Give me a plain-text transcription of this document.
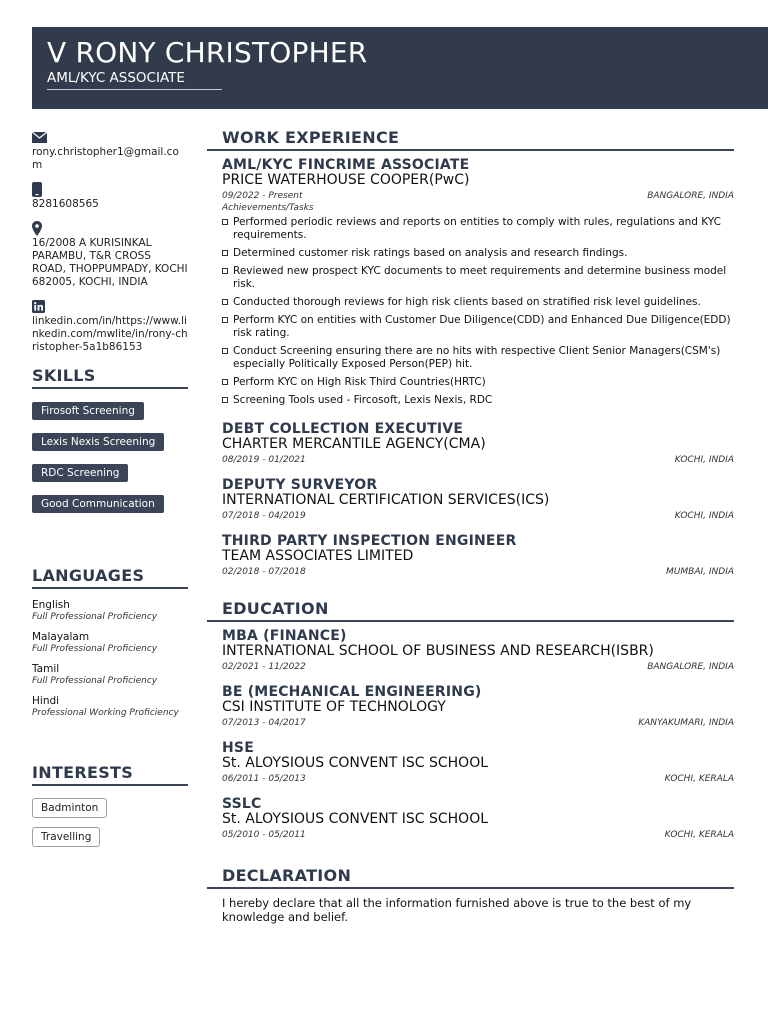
V RONY CHRISTOPHER
AML/KYC ASSOCIATE
rony.christopher1@gmail.com
8281608565
16/2008 A KURISINKAL PARAMBU, T&R CROSS ROAD, THOPPUMPADY, KOCHI 682005, KOCHI, INDIA
linkedin.com/in/https://www.linkedin.com/mwlite/in/rony-christopher-5a1b86153
SKILLS
Firosoft Screening
Lexis Nexis Screening
RDC Screening
Good Communication
LANGUAGES
English
Full Professional Proficiency
Malayalam
Full Professional Proficiency
Tamil
Full Professional Proficiency
Hindi
Professional Working Proficiency
INTERESTS
Badminton
Travelling
WORK EXPERIENCE
AML/KYC FINCRIME ASSOCIATE
PRICE WATERHOUSE COOPER(PwC)
09/2022 - Present	BANGALORE, INDIA
Achievements/Tasks
Performed periodic reviews and reports on entities to comply with rules, regulations and KYC requirements.
Determined customer risk ratings based on analysis and research findings.
Reviewed new prospect KYC documents to meet requirements and determine business model risk.
Conducted thorough reviews for high risk clients based on stratified risk level guidelines.
Perform KYC on entities with Customer Due Diligence(CDD) and Enhanced Due Diligence(EDD) risk rating.
Conduct Screening ensuring there are no hits with respective Client Senior Managers(CSM's) especially Politically Exposed Person(PEP) hit.
Perform KYC on High Risk Third Countries(HRTC)
Screening Tools used - Fircosoft, Lexis Nexis, RDC
DEBT COLLECTION EXECUTIVE
CHARTER MERCANTILE AGENCY(CMA)
08/2019 - 01/2021	KOCHI, INDIA
DEPUTY SURVEYOR
INTERNATIONAL CERTIFICATION SERVICES(ICS)
07/2018 - 04/2019	KOCHI, INDIA
THIRD PARTY INSPECTION ENGINEER
TEAM ASSOCIATES LIMITED
02/2018 - 07/2018	MUMBAI, INDIA
EDUCATION
MBA (FINANCE)
INTERNATIONAL SCHOOL OF BUSINESS AND RESEARCH(ISBR)
02/2021 - 11/2022	BANGALORE, INDIA
BE (MECHANICAL ENGINEERING)
CSI INSTITUTE OF TECHNOLOGY
07/2013 - 04/2017	KANYAKUMARI, INDIA
HSE
St. ALOYSIOUS CONVENT ISC SCHOOL
06/2011 - 05/2013	KOCHI, KERALA
SSLC
St. ALOYSIOUS CONVENT ISC SCHOOL
05/2010 - 05/2011	KOCHI, KERALA
DECLARATION
I hereby declare that all the information furnished above is true to the best of my knowledge and belief.
